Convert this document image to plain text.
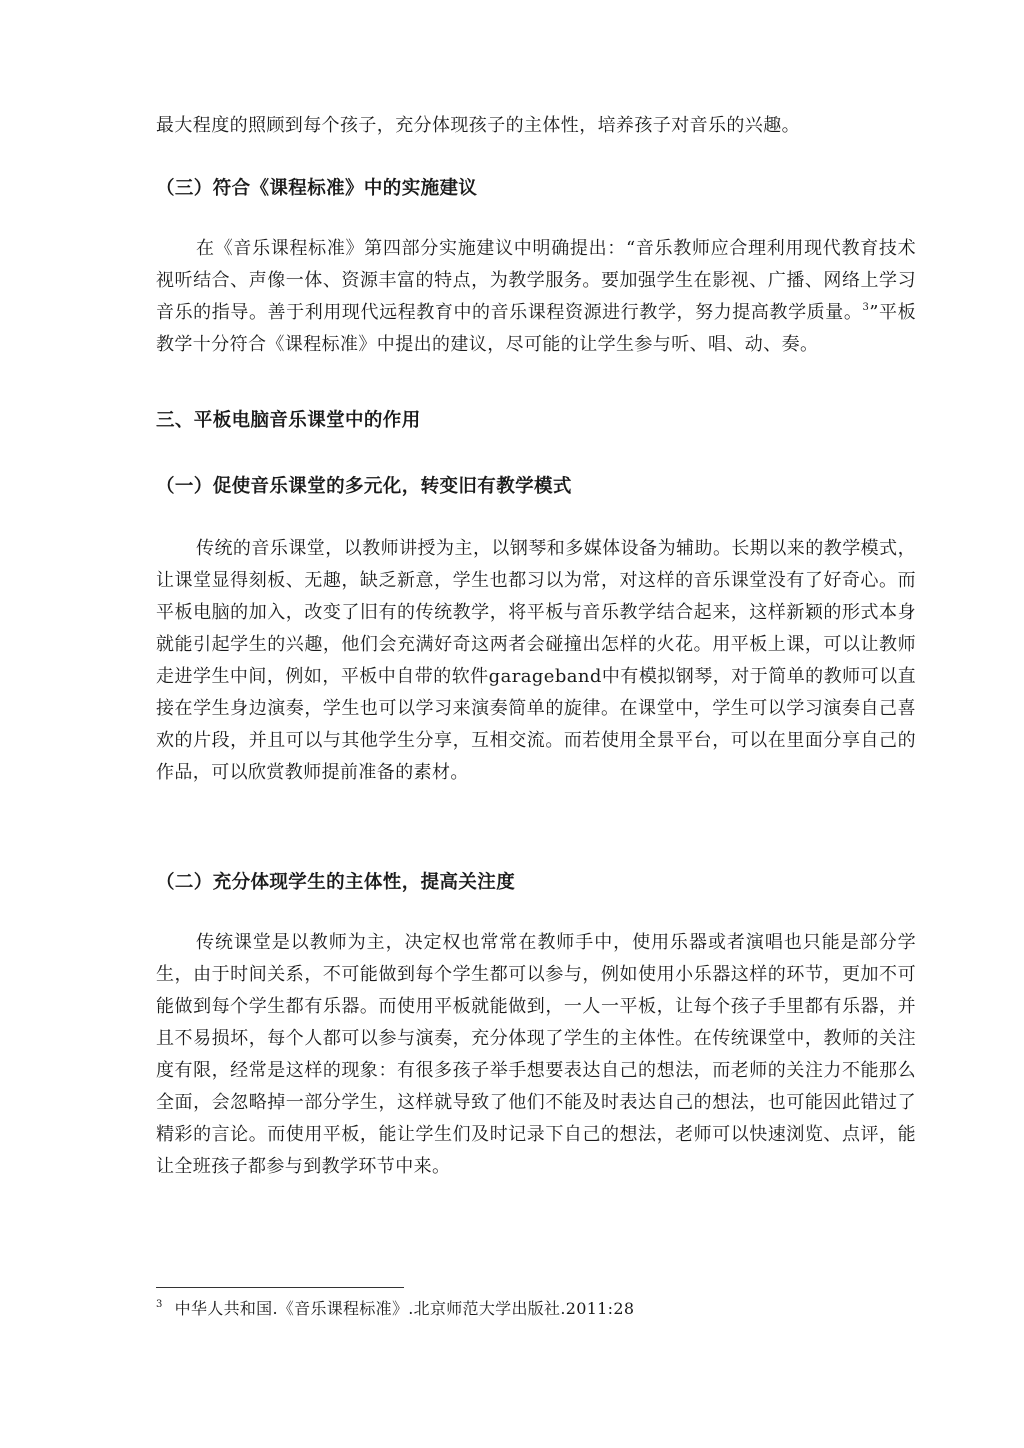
最大程度的照顾到每个孩子，充分体现孩子的主体性，培养孩子对音乐的兴趣。

（三）符合《课程标准》中的实施建议

在《音乐课程标准》第四部分实施建议中明确提出：“音乐教师应合理利用现代教育技术视听结合、声像一体、资源丰富的特点，为教学服务。要加强学生在影视、广播、网络上学习音乐的指导。善于利用现代远程教育中的音乐课程资源进行教学，努力提高教学质量。$^3$”平板教学十分符合《课程标准》中提出的建议，尽可能的让学生参与听、唱、动、奏。

三、平板电脑音乐课堂中的作用
（一）促使音乐课堂的多元化，转变旧有教学模式

传统的音乐课堂，以教师讲授为主，以钢琴和多媒体设备为辅助。长期以来的教学模式，让课堂显得刻板、无趣，缺乏新意，学生也都习以为常，对这样的音乐课堂没有了好奇心。而平板电脑的加入，改变了旧有的传统教学，将平板与音乐教学结合起来，这样新颖的形式本身就能引起学生的兴趣，他们会充满好奇这两者会碰撞出怎样的火花。用平板上课，可以让教师走进学生中间，例如，平板中自带的软件garageband中有模拟钢琴，对于简单的教师可以直接在学生身边演奏，学生也可以学习来演奏简单的旋律。在课堂中，学生可以学习演奏自己喜欢的片段，并且可以与其他学生分享，互相交流。而若使用全景平台，可以在里面分享自己的作品，可以欣赏教师提前准备的素材。

（二）充分体现学生的主体性，提高关注度

传统课堂是以教师为主，决定权也常常在教师手中，使用乐器或者演唱也只能是部分学生，由于时间关系，不可能做到每个学生都可以参与，例如使用小乐器这样的环节，更加不可能做到每个学生都有乐器。而使用平板就能做到，一人一平板，让每个孩子手里都有乐器，并且不易损坏，每个人都可以参与演奏，充分体现了学生的主体性。在传统课堂中，教师的关注度有限，经常是这样的现象：有很多孩子举手想要表达自己的想法，而老师的关注力不能那么全面，会忽略掉一部分学生，这样就导致了他们不能及时表达自己的想法，也可能因此错过了精彩的言论。而使用平板，能让学生们及时记录下自己的想法，老师可以快速浏览、点评，能让全班孩子都参与到教学环节中来。

$^3$ 中华人共和国.《音乐课程标准》.北京师范大学出版社.2011:28
